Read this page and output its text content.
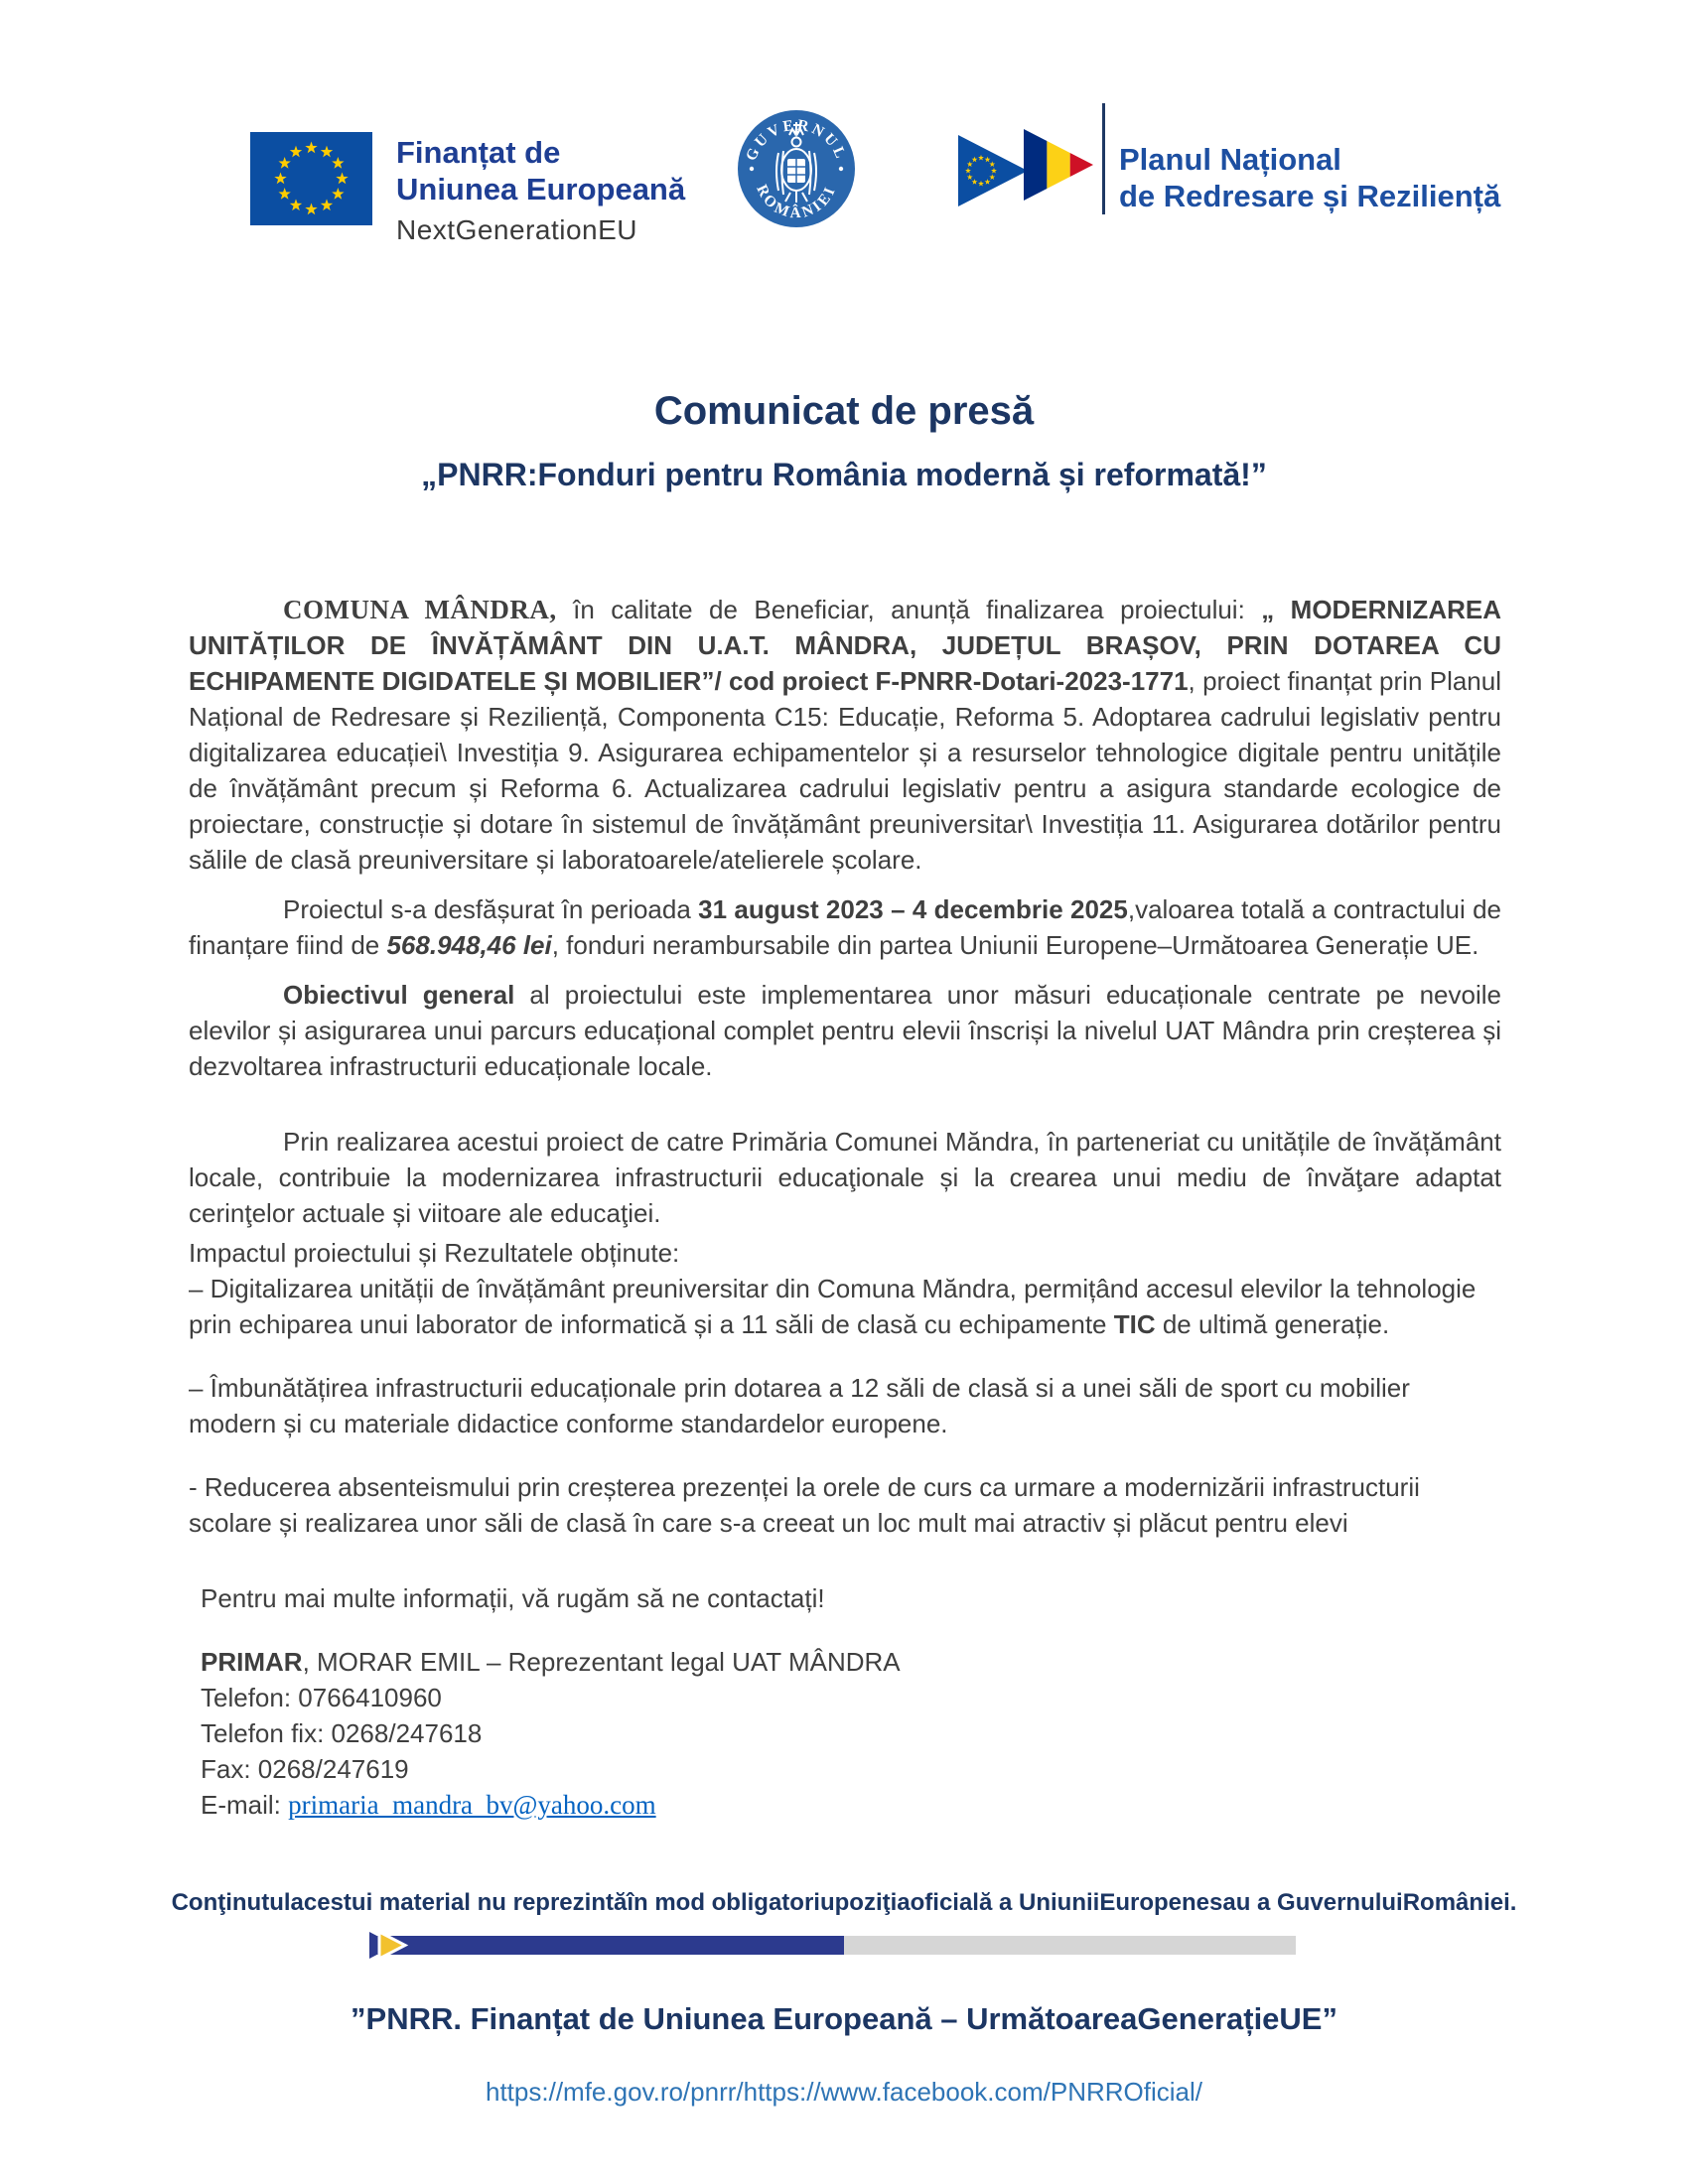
Finanțat de
Uniunea Europeană
NextGenerationEU
GUVERNUL
ROMÂNIEI
Planul Național
de Redresare și Reziliență
Comunicat de presă
„PNRR:Fonduri pentru România modernă și reformată!”

COMUNA MÂNDRA, în calitate de Beneficiar, anunță finalizarea proiectului: „ MODERNIZAREA UNITĂȚILOR DE ÎNVĂȚĂMÂNT DIN U.A.T. MÂNDRA, JUDEȚUL BRAȘOV, PRIN DOTAREA CU ECHIPAMENTE DIGIDATELE ȘI MOBILIER”/ cod proiect F-PNRR-Dotari-2023-1771, proiect finanțat prin Planul Național de Redresare și Reziliență, Componenta C15: Educație, Reforma 5. Adoptarea cadrului legislativ pentru digitalizarea educației\ Investiția 9. Asigurarea echipamentelor și a resurselor tehnologice digitale pentru unitățile de învățământ precum și Reforma 6. Actualizarea cadrului legislativ pentru a asigura standarde ecologice de proiectare, construcție și dotare în sistemul de învățământ preuniversitar\ Investiția 11. Asigurarea dotărilor pentru sălile de clasă preuniversitare și laboratoarele/atelierele școlare.

Proiectul s-a desfășurat în perioada 31 august 2023 – 4 decembrie 2025,valoarea totală a contractului de finanțare fiind de 568.948,46 lei, fonduri nerambursabile din partea Uniunii Europene–Următoarea Generație UE.

Obiectivul general al proiectului este implementarea unor măsuri educaționale centrate pe nevoile elevilor și asigurarea unui parcurs educațional complet pentru elevii înscriși la nivelul UAT Mândra prin creșterea și dezvoltarea infrastructurii educaționale locale.

Prin realizarea acestui proiect de catre Primăria Comunei Măndra, în parteneriat cu unitățile de învățământ locale, contribuie la modernizarea infrastructurii educaţionale și la crearea unui mediu de învăţare adaptat cerinţelor actuale și viitoare ale educaţiei.

Impactul proiectului și Rezultatele obținute:

– Digitalizarea unității de învățământ preuniversitar din Comuna Măndra, permițând accesul elevilor la tehnologie prin echiparea unui laborator de informatică și a 11 săli de clasă cu echipamente TIC de ultimă generație.

– Îmbunătățirea infrastructurii educaționale prin dotarea a 12 săli de clasă si a unei săli de sport cu mobilier modern și cu materiale didactice conforme standardelor europene.

- Reducerea absenteismului prin creșterea prezenței la orele de curs ca urmare a modernizării infrastructurii scolare și realizarea unor săli de clasă în care s-a creeat un loc mult mai atractiv și plăcut pentru elevi

Pentru mai multe informații, vă rugăm să ne contactați!

PRIMAR, MORAR EMIL – Reprezentant legal UAT MÂNDRA

Telefon: 0766410960

Telefon fix: 0268/247618

Fax: 0268/247619

E-mail: primaria_mandra_bv@yahoo.com

Conţinutulacestui material nu reprezintăîn mod obligatoriupoziţiaoficială a UniuniiEuropenesau a GuvernuluiRomâniei.
”PNRR. Finanțat de Uniunea Europeană – UrmătoareaGenerațieUE”
https://mfe.gov.ro/pnrr/https://www.facebook.com/PNRROficial/
